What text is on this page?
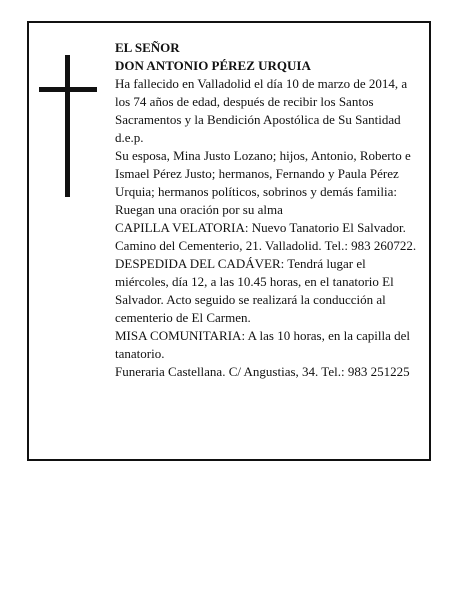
EL SEÑOR

DON ANTONIO PÉREZ URQUIA

Ha fallecido en Valladolid el día 10 de marzo de 2014, a los 74 años de edad, después de recibir los Santos Sacramentos y la Bendición Apostólica de Su Santidad d.e.p.

Su esposa, Mina Justo Lozano; hijos, Antonio, Roberto e Ismael Pérez Justo; hermanos, Fernando y Paula Pérez Urquia; hermanos políticos, sobrinos y demás familia:

Ruegan una oración por su alma

CAPILLA VELATORIA: Nuevo Tanatorio El Salvador. Camino del Cementerio, 21. Valladolid. Tel.: 983 260722.

DESPEDIDA DEL CADÁVER: Tendrá lugar el miércoles, día 12, a las 10.45 horas, en el tanatorio El Salvador. Acto seguido se realizará la conducción al cementerio de El Carmen.

MISA COMUNITARIA: A las 10 horas, en la capilla del tanatorio.

Funeraria Castellana. C/ Angustias, 34. Tel.: 983 251225
